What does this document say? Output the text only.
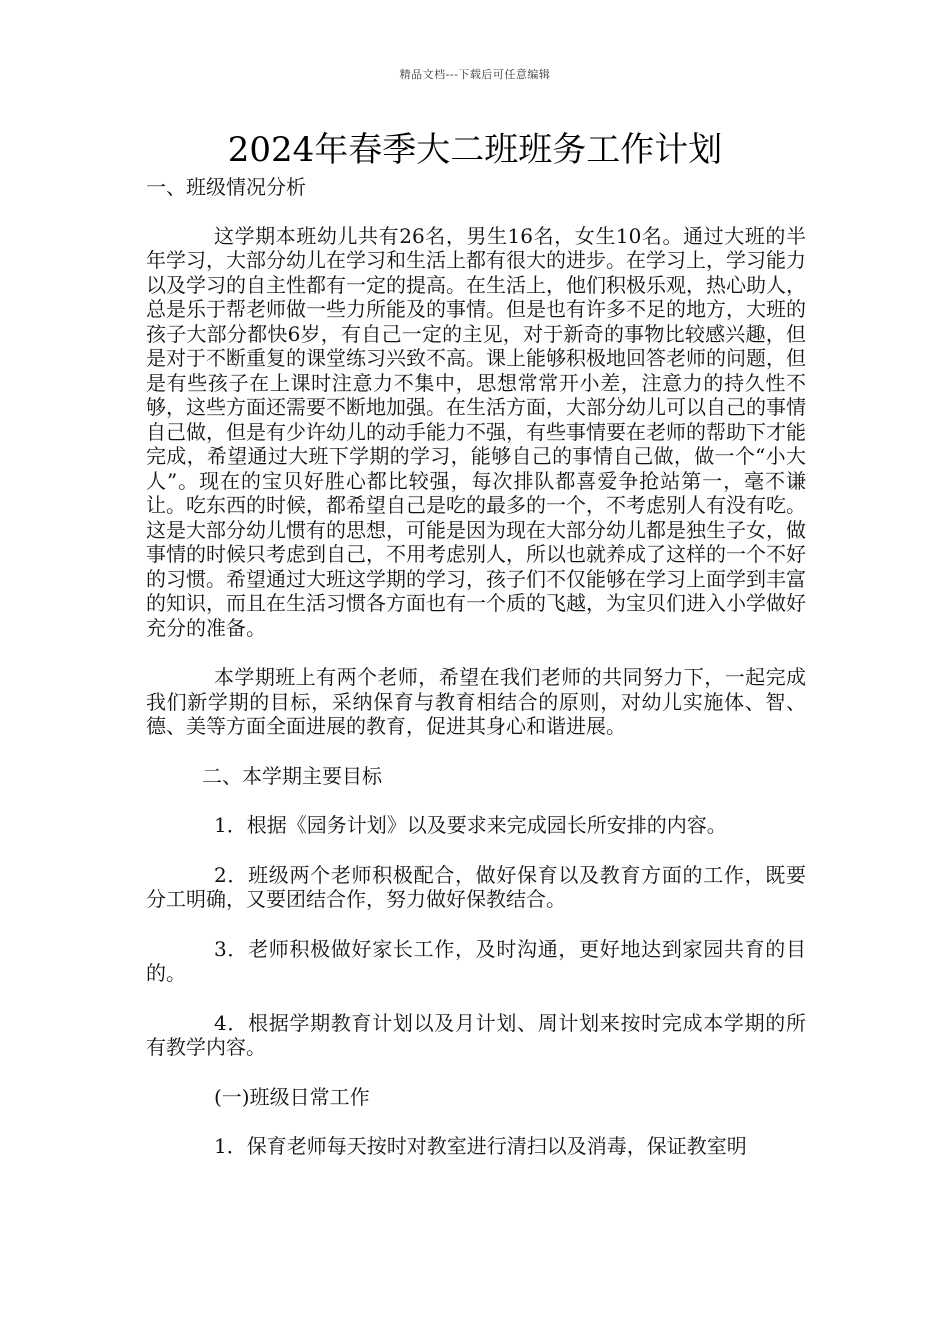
精品文档---下载后可任意编辑
2024年春季大二班班务工作计划

一、班级情况分析

这学期本班幼儿共有26名，男生16名，女生10名。通过大班的半年学习，大部分幼儿在学习和生活上都有很大的进步。在学习上，学习能力以及学习的自主性都有一定的提高。在生活上，他们积极乐观，热心助人，总是乐于帮老师做一些力所能及的事情。但是也有许多不足的地方，大班的孩子大部分都快6岁，有自己一定的主见，对于新奇的事物比较感兴趣，但是对于不断重复的课堂练习兴致不高。课上能够积极地回答老师的问题，但是有些孩子在上课时注意力不集中，思想常常开小差，注意力的持久性不够，这些方面还需要不断地加强。在生活方面，大部分幼儿可以自己的事情自己做，但是有少许幼儿的动手能力不强，有些事情要在老师的帮助下才能完成，希望通过大班下学期的学习，能够自己的事情自己做，做一个“小大人”。现在的宝贝好胜心都比较强，每次排队都喜爱争抢站第一，毫不谦让。吃东西的时候，都希望自己是吃的最多的一个，不考虑别人有没有吃。这是大部分幼儿惯有的思想，可能是因为现在大部分幼儿都是独生子女，做事情的时候只考虑到自己，不用考虑别人，所以也就养成了这样的一个不好的习惯。希望通过大班这学期的学习，孩子们不仅能够在学习上面学到丰富的知识，而且在生活习惯各方面也有一个质的飞越，为宝贝们进入小学做好充分的准备。

本学期班上有两个老师，希望在我们老师的共同努力下，一起完成我们新学期的目标，采纳保育与教育相结合的原则，对幼儿实施体、智、德、美等方面全面进展的教育，促进其身心和谐进展。

二、本学期主要目标

1．根据《园务计划》以及要求来完成园长所安排的内容。

2．班级两个老师积极配合，做好保育以及教育方面的工作，既要分工明确，又要团结合作，努力做好保教结合。

3．老师积极做好家长工作，及时沟通，更好地达到家园共育的目的。

4．根据学期教育计划以及月计划、周计划来按时完成本学期的所有教学内容。

(一)班级日常工作

1．保育老师每天按时对教室进行清扫以及消毒，保证教室明
